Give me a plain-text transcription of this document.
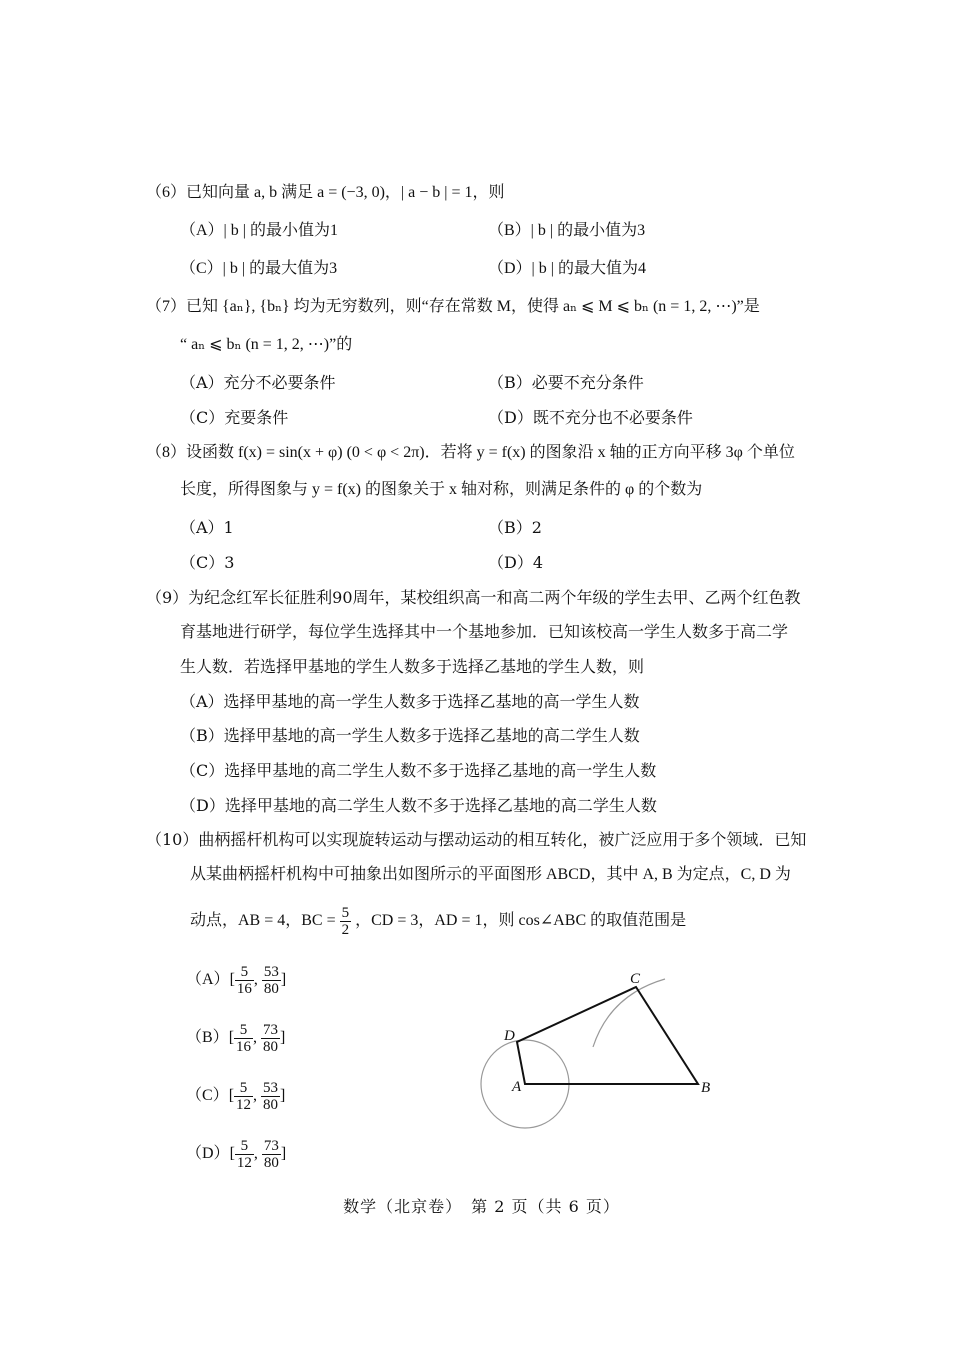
（6）已知向量 a, b 满足 a = (−3, 0)，| a − b | = 1，则
（A）| b | 的最小值为1	（B）| b | 的最小值为3
（C）| b | 的最大值为3	（D）| b | 的最大值为4
（7）已知 {aₙ}, {bₙ} 均为无穷数列，则“存在常数 M，使得 aₙ ⩽ M ⩽ bₙ (n = 1, 2, ⋯)”是
“ aₙ ⩽ bₙ (n = 1, 2, ⋯)”的
（A）充分不必要条件	（B）必要不充分条件
（C）充要条件	（D）既不充分也不必要条件
（8）设函数 f(x) = sin(x + φ) (0 < φ < 2π)．若将 y = f(x) 的图象沿 x 轴的正方向平移 3φ 个单位
长度，所得图象与 y = f(x) 的图象关于 x 轴对称，则满足条件的 φ 的个数为
（A）1	（B）2
（C）3	（D）4
（9）为纪念红军长征胜利90周年，某校组织高一和高二两个年级的学生去甲、乙两个红色教
育基地进行研学，每位学生选择其中一个基地参加．已知该校高一学生人数多于高二学
生人数．若选择甲基地的学生人数多于选择乙基地的学生人数，则
（A）选择甲基地的高一学生人数多于选择乙基地的高一学生人数
（B）选择甲基地的高一学生人数多于选择乙基地的高二学生人数
（C）选择甲基地的高二学生人数不多于选择乙基地的高一学生人数
（D）选择甲基地的高二学生人数不多于选择乙基地的高二学生人数
（10）曲柄摇杆机构可以实现旋转运动与摆动运动的相互转化，被广泛应用于多个领域．已知
从某曲柄摇杆机构中可抽象出如图所示的平面图形 ABCD，其中 A, B 为定点，C, D 为
动点，AB = 4，BC = $\frac{5}{2}$ ，CD = 3，AD = 1，则 cos∠ABC 的取值范围是
$(A)[ \frac{5}{16}$ , $\frac{53}{80}$ ]
$(B)[ \frac{5}{16}$ , $\frac{73}{80}$ ]
$(C)[ \frac{5}{12}$ , $\frac{53}{80}$ ]
$(D)[ \frac{5}{12}$ , $\frac{73}{80}$ ]
A	B
C
D
数学（北京卷）　第 2 页（共 6 页）
